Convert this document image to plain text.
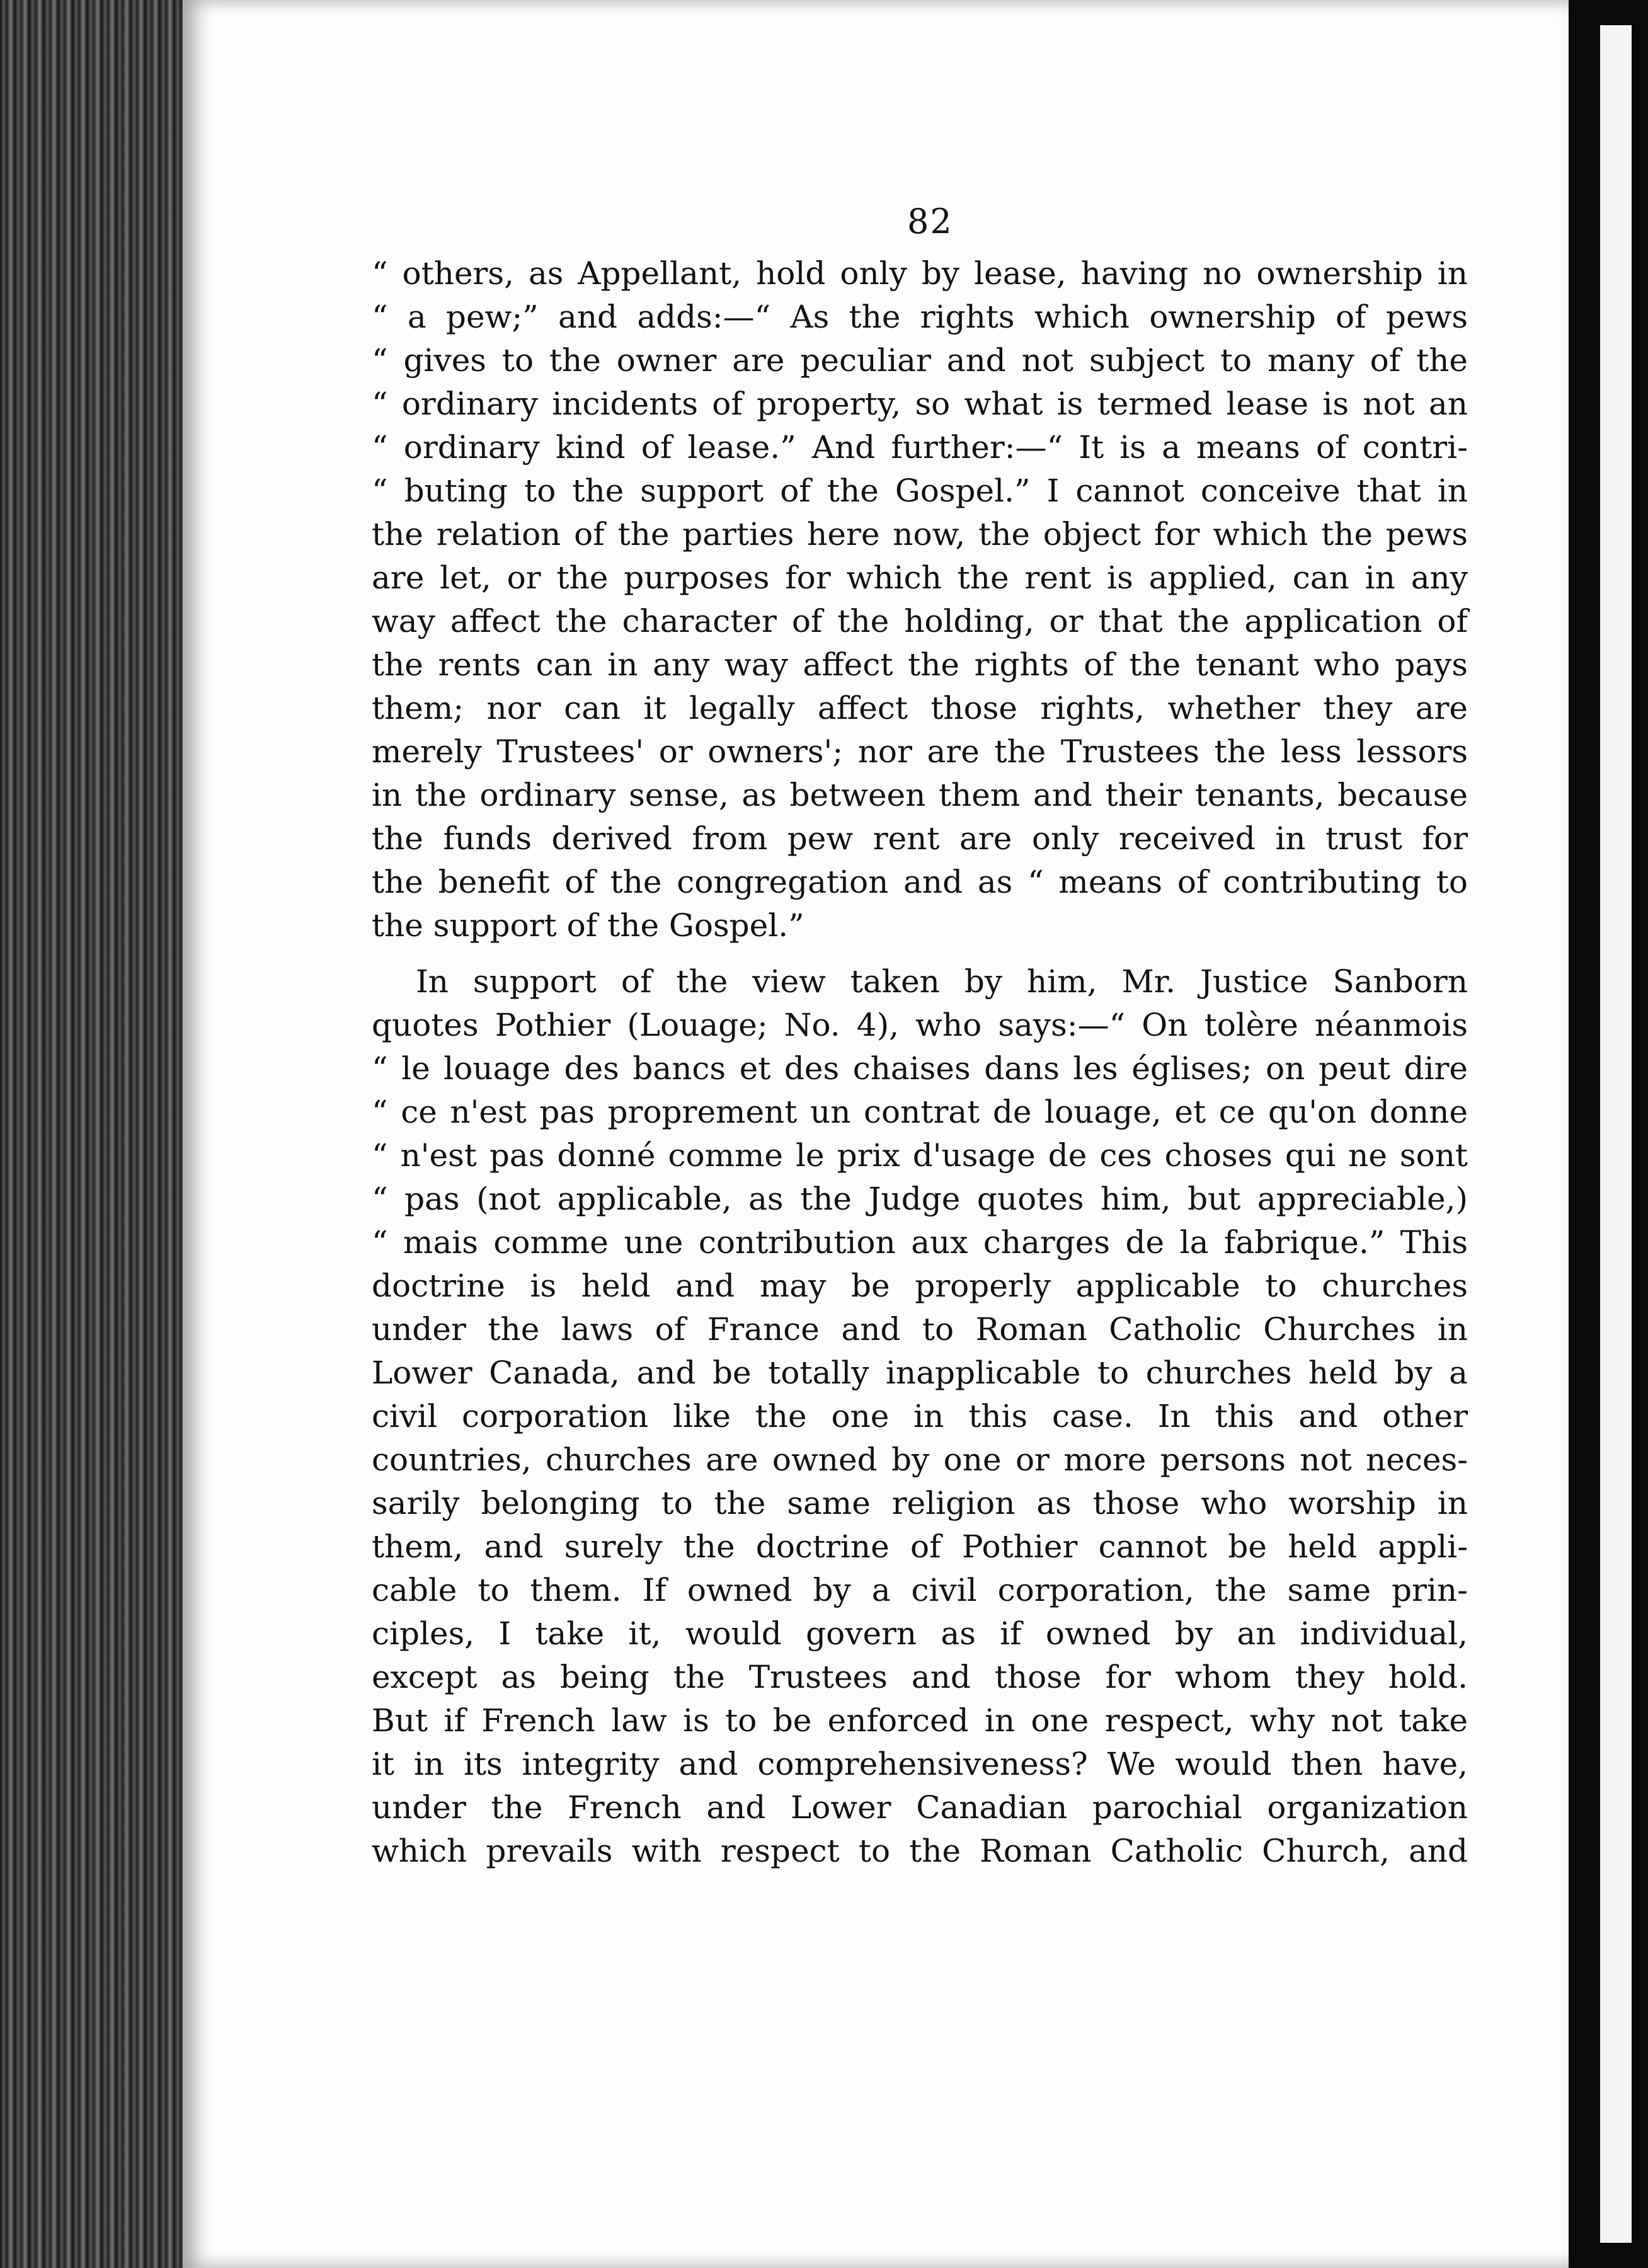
82
“ others, as Appellant, hold only by lease, having no ownership in
“ a pew;” and adds:—“ As the rights which ownership of pews
“ gives to the owner are peculiar and not subject to many of the
“ ordinary incidents of property, so what is termed lease is not an
“ ordinary kind of lease.” And further:—“ It is a means of contri-
“ buting to the support of the Gospel.” I cannot conceive that in
the relation of the parties here now, the object for which the pews
are let, or the purposes for which the rent is applied, can in any
way affect the character of the holding, or that the application of
the rents can in any way affect the rights of the tenant who pays
them; nor can it legally affect those rights, whether they are
merely Trustees' or owners'; nor are the Trustees the less lessors
in the ordinary sense, as between them and their tenants, because
the funds derived from pew rent are only received in trust for
the benefit of the congregation and as “ means of contributing to
the support of the Gospel.”
In support of the view taken by him, Mr. Justice Sanborn
quotes Pothier (Louage; No. 4), who says:—“ On tolère néanmois
“ le louage des bancs et des chaises dans les églises; on peut dire
“ ce n'est pas proprement un contrat de louage, et ce qu'on donne
“ n'est pas donné comme le prix d'usage de ces choses qui ne sont
“ pas (not applicable, as the Judge quotes him, but appreciable,)
“ mais comme une contribution aux charges de la fabrique.” This
doctrine is held and may be properly applicable to churches
under the laws of France and to Roman Catholic Churches in
Lower Canada, and be totally inapplicable to churches held by a
civil corporation like the one in this case. In this and other
countries, churches are owned by one or more persons not neces-
sarily belonging to the same religion as those who worship in
them, and surely the doctrine of Pothier cannot be held appli-
cable to them. If owned by a civil corporation, the same prin-
ciples, I take it, would govern as if owned by an individual,
except as being the Trustees and those for whom they hold.
But if French law is to be enforced in one respect, why not take
it in its integrity and comprehensiveness? We would then have,
under the French and Lower Canadian parochial organization
which prevails with respect to the Roman Catholic Church, and
